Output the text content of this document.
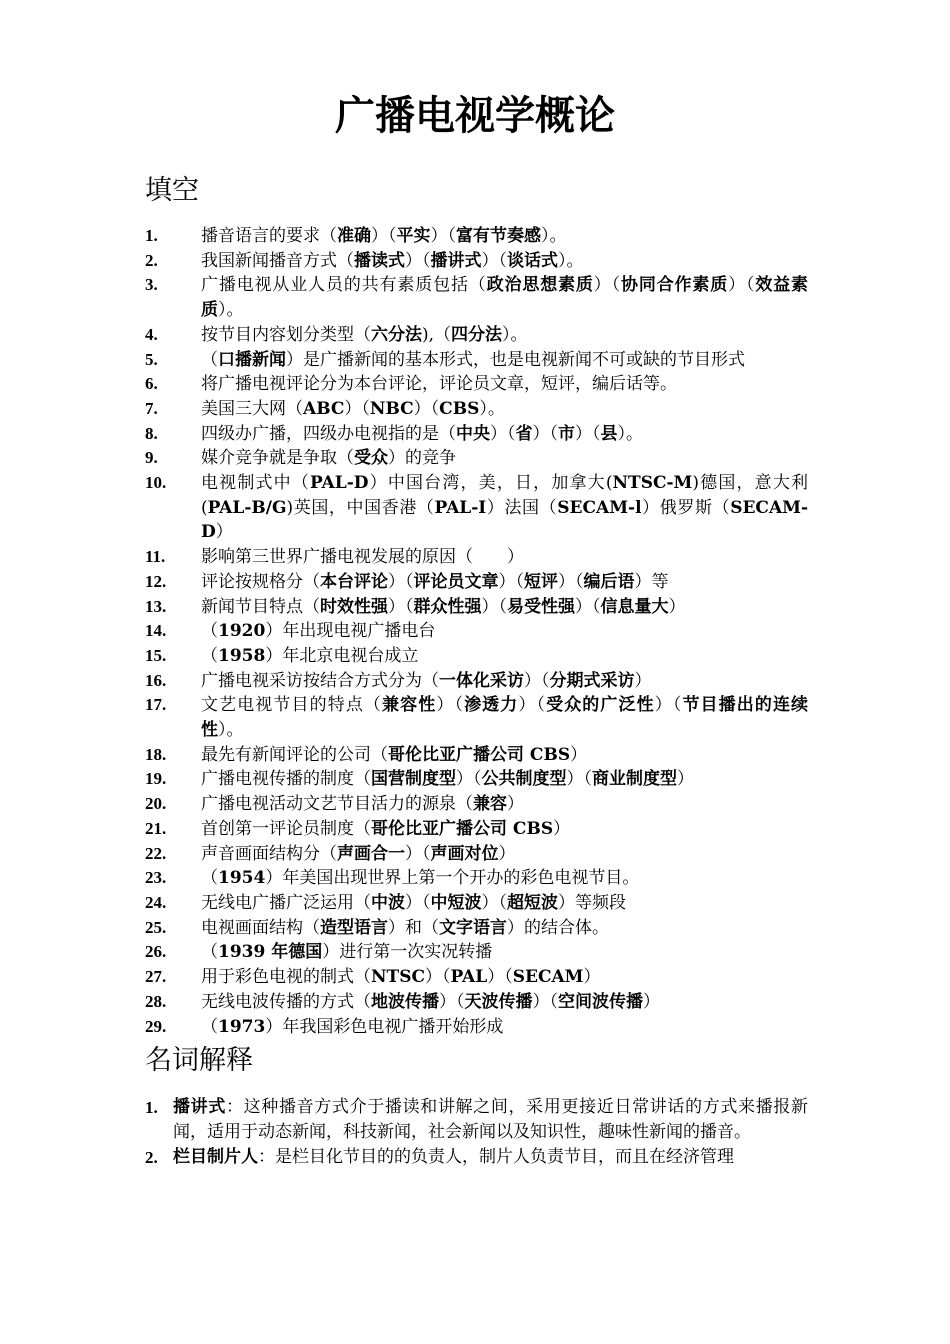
广播电视学概论
填空
1.	播音语言的要求（准确）（平实）（富有节奏感）。
2.	我国新闻播音方式（播读式）（播讲式）（谈话式）。
3.	广播电视从业人员的共有素质包括（政治思想素质）（协同合作素质）（效益素质）。
4.	按节目内容划分类型（六分法),（四分法）。
5.	（口播新闻）是广播新闻的基本形式，也是电视新闻不可或缺的节目形式
6.	将广播电视评论分为本台评论，评论员文章，短评，编后话等。
7.	美国三大网（ABC）（NBC）（CBS）。
8.	四级办广播，四级办电视指的是（中央）（省）（市）（县）。
9.	媒介竞争就是争取（受众）的竞争
10.	电视制式中（PAL-D）中国台湾，美，日，加拿大(NTSC-M)德国，意大利(PAL-B/G)英国，中国香港（PAL-I）法国（SECAM-l）俄罗斯（SECAM-D）
11.	影响第三世界广播电视发展的原因（　　）
12.	评论按规格分（本台评论）（评论员文章）（短评）（编后语）等
13.	新闻节目特点（时效性强）（群众性强）（易受性强）（信息量大）
14.	（1920）年出现电视广播电台
15.	（1958）年北京电视台成立
16.	广播电视采访按结合方式分为（一体化采访）（分期式采访）
17.	文艺电视节目的特点（兼容性）（渗透力）（受众的广泛性）（节目播出的连续性）。
18.	最先有新闻评论的公司（哥伦比亚广播公司 CBS）
19.	广播电视传播的制度（国营制度型）（公共制度型）（商业制度型）
20.	广播电视活动文艺节目活力的源泉（兼容）
21.	首创第一评论员制度（哥伦比亚广播公司 CBS）
22.	声音画面结构分（声画合一）（声画对位）
23.	（1954）年美国出现世界上第一个开办的彩色电视节目。
24.	无线电广播广泛运用（中波）（中短波）（超短波）等频段
25.	电视画面结构（造型语言）和（文字语言）的结合体。
26.	（1939 年德国）进行第一次实况转播
27.	用于彩色电视的制式（NTSC）（PAL）（SECAM）
28.	无线电波传播的方式（地波传播）（天波传播）（空间波传播）
29.	（1973）年我国彩色电视广播开始形成
名词解释
1. 播讲式：这种播音方式介于播读和讲解之间，采用更接近日常讲话的方式来播报新闻，适用于动态新闻，科技新闻，社会新闻以及知识性，趣味性新闻的播音。
2. 栏目制片人：是栏目化节目的的负责人，制片人负责节目，而且在经济管理
